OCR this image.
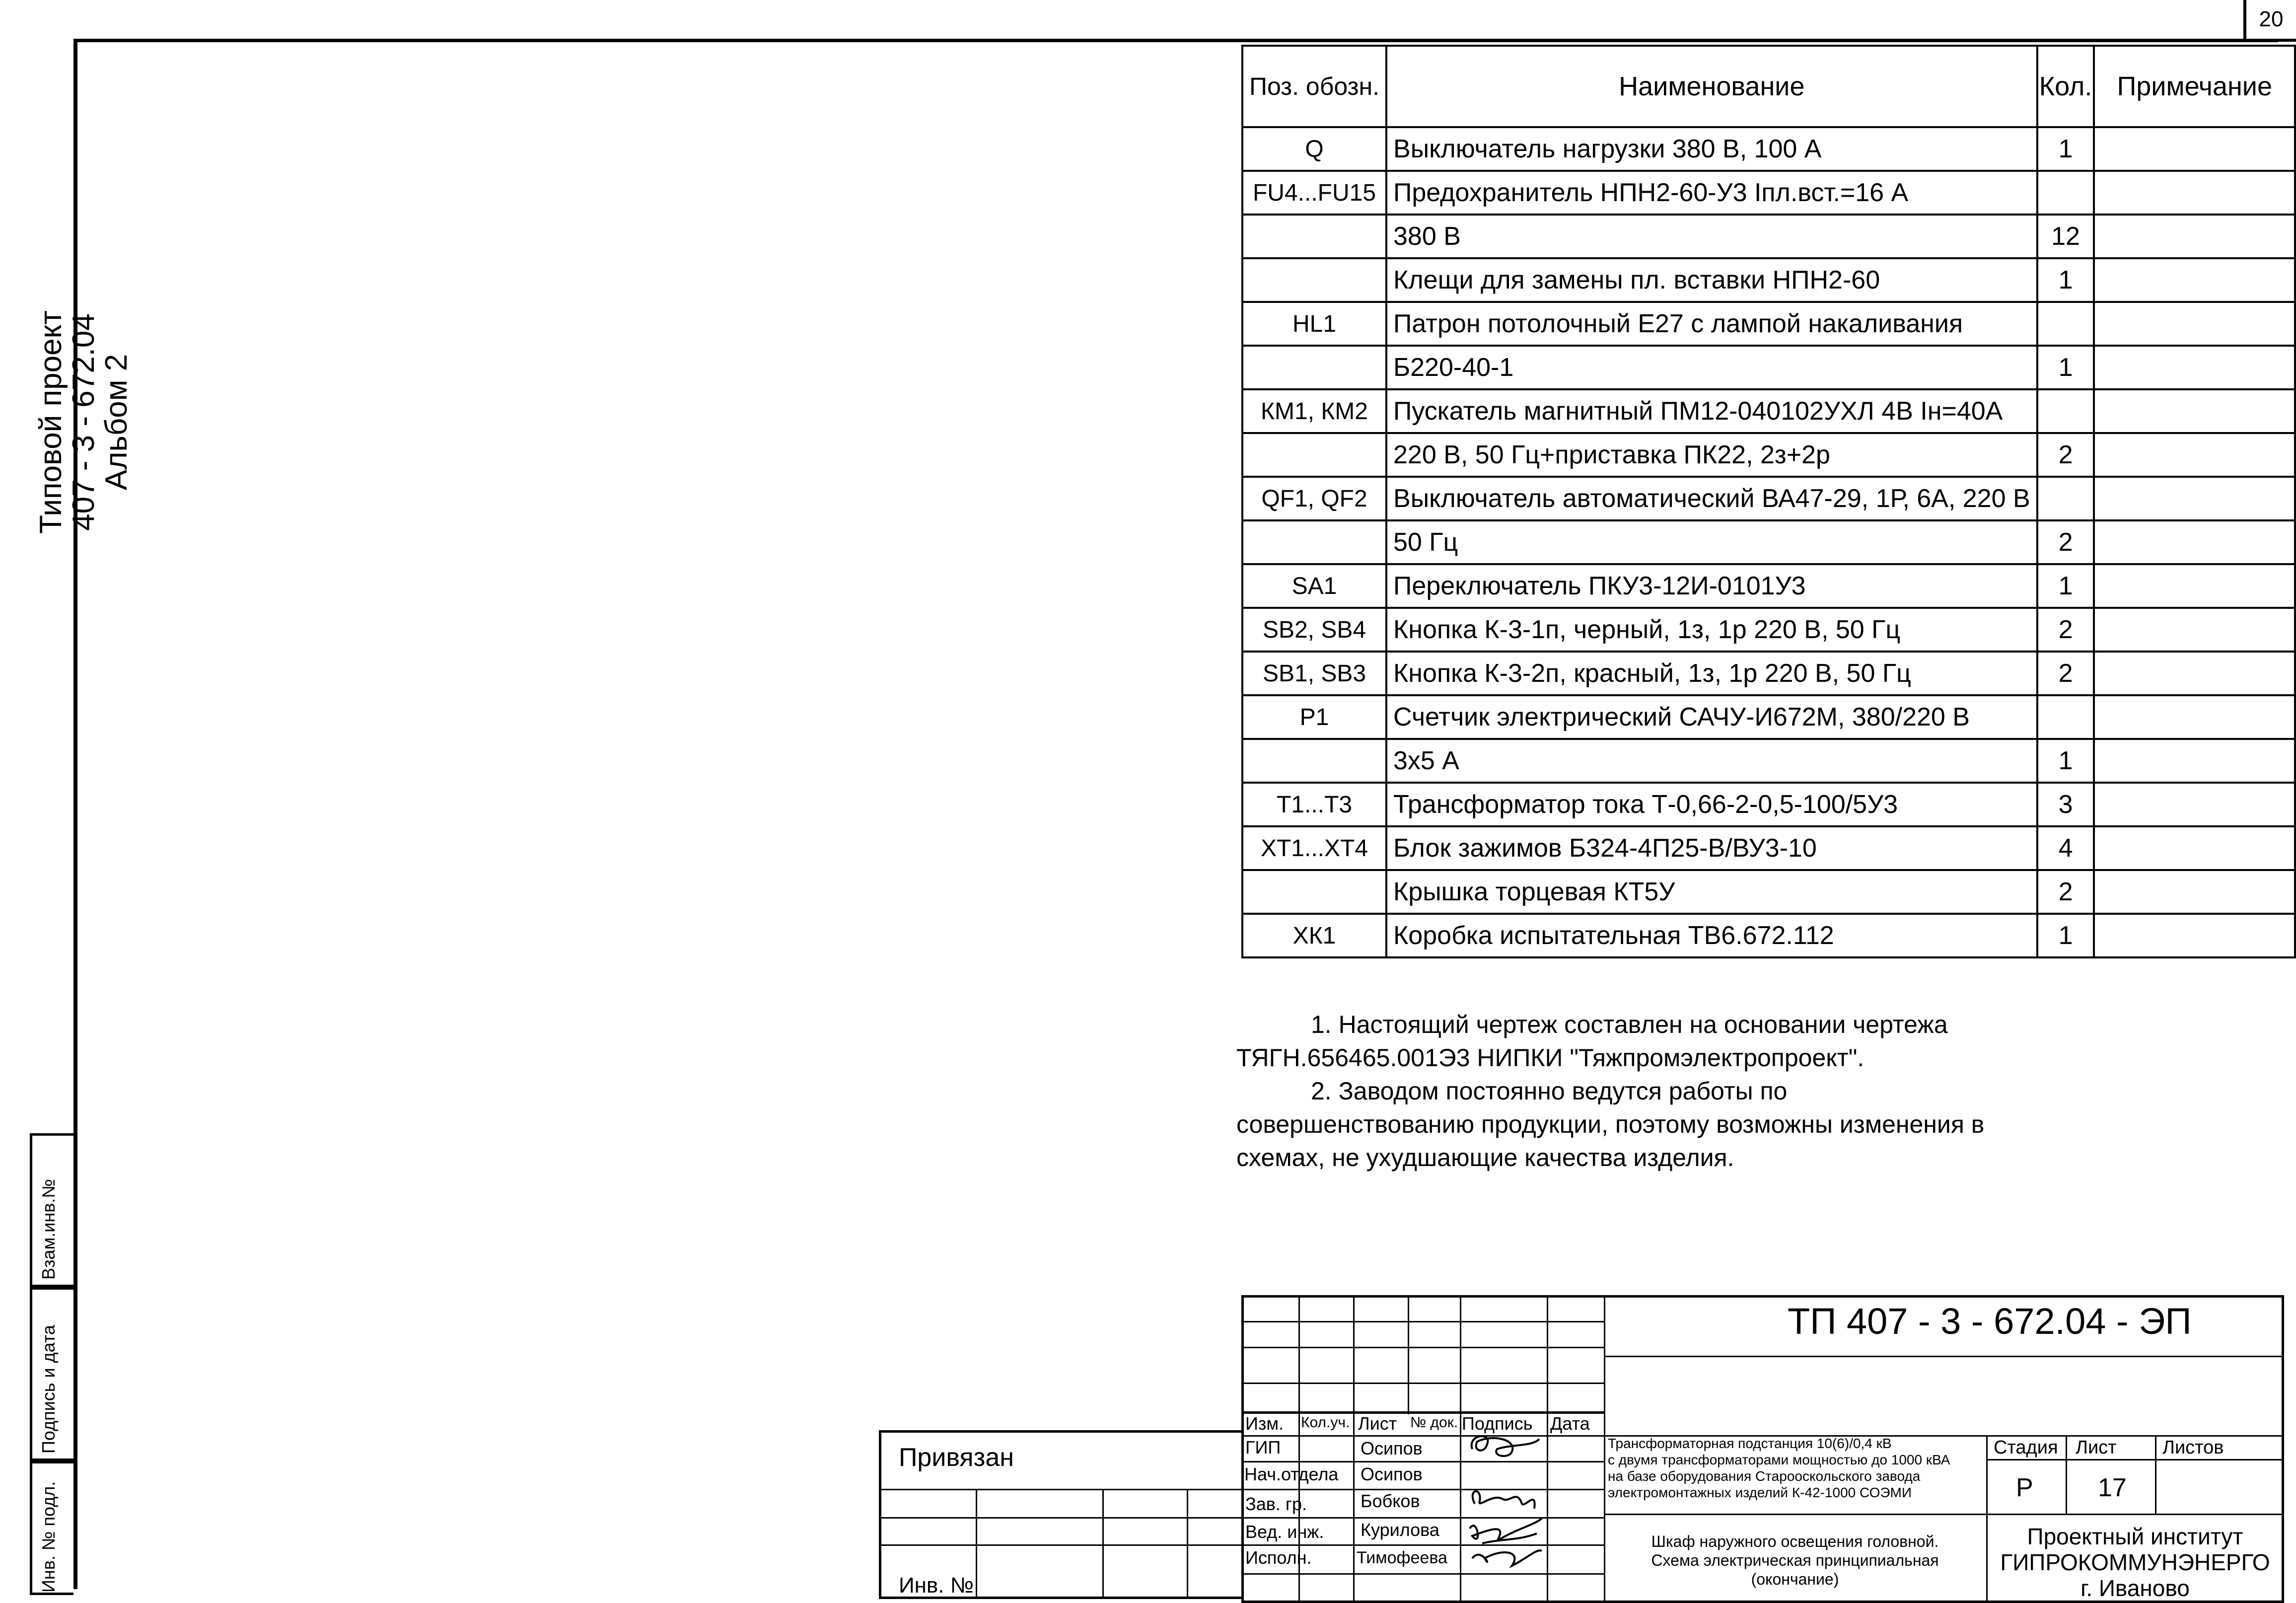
20
Типовой проект
407 - 3 - 672.04
Альбом 2
Взам.инв.№
Подпись и дата
Инв. № подл.
Поз. обозн.	Наименование	Кол.	Примечание
Q	Выключатель нагрузки 380 В, 100 А	1	
FU4...FU15	Предохранитель НПН2-60-У3 Iпл.вст.=16 А		
	380 В	12	
	Клещи для замены пл. вставки НПН2-60	1	
HL1	Патрон потолочный Е27 с лампой накаливания		
	Б220-40-1	1	
КМ1, КМ2	Пускатель магнитный ПМ12-040102УХЛ 4В Iн=40А		
	220 В, 50 Гц+приставка ПК22, 2з+2р	2	
QF1, QF2	Выключатель автоматический ВА47-29, 1Р, 6А, 220 В		
	50 Гц	2	
SA1	Переключатель ПКУ3-12И-0101У3	1	
SB2, SB4	Кнопка К-3-1п, черный, 1з, 1р 220 В, 50 Гц	2	
SB1, SB3	Кнопка К-3-2п, красный, 1з, 1р 220 В, 50 Гц	2	
Р1	Счетчик электрический САЧУ-И672М, 380/220 В		
	3х5 А	1	
Т1...Т3	Трансформатор тока Т-0,66-2-0,5-100/5У3	3	
ХТ1...ХТ4	Блок зажимов Б324-4П25-В/ВУ3-10	4	
	Крышка торцевая КТ5У	2	
ХК1	Коробка испытательная ТВ6.672.112	1	

1. Настоящий чертеж составлен на основании чертежа

ТЯГН.656465.001Э3 НИПКИ "Тяжпромэлектропроект".

2. Заводом постоянно ведутся работы по

совершенствованию продукции, поэтому возможны изменения в

схемах, не ухудшающие качества изделия.

Привязан
Инв. №
Изм. Кол.уч. Лист № док. Подпись Дата
ГИП	Осипов
Нач.отдела Осипов
Зав. гр.	Бобков
Вед. инж. Курилова
Исполн.	Тимофеева
ТП 407 - 3 - 672.04 - ЭП
Трансформаторная подстанция 10(6)/0,4 кВ
с двумя трансформаторами мощностью до 1000 кВА
на базе оборудования Старооскольского завода
электромонтажных изделий К-42-1000 СОЭМИ
Стадия Лист Листов
Р	17
Шкаф наружного освещения головной.
Схема электрическая принципиальная
(окончание)
Проектный институт
ГИПРОКОММУНЭНЕРГО
г. Иваново
